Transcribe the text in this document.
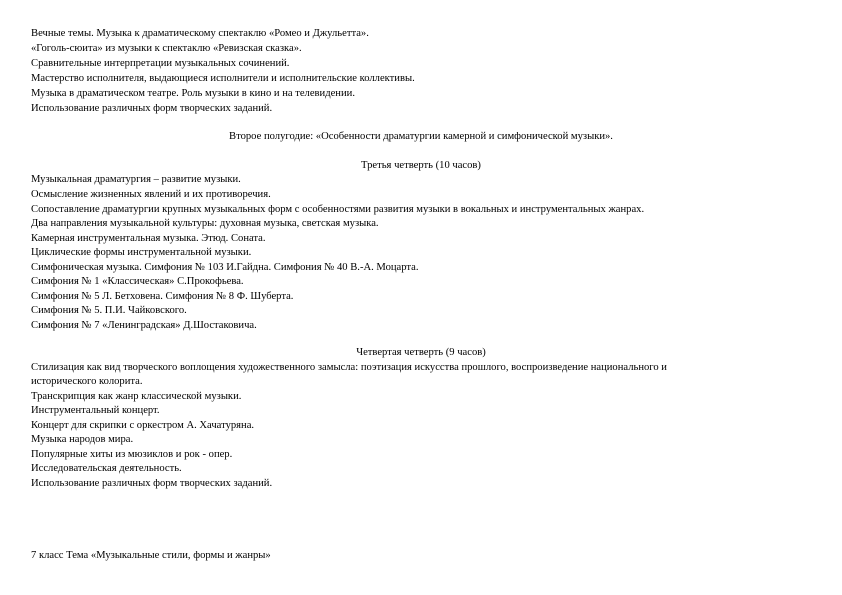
Вечные темы. Музыка к драматическому спектаклю «Ромео и Джульетта».
«Гоголь-сюита» из музыки к спектаклю «Ревизская сказка».
Сравнительные интерпретации музыкальных сочинений.
Мастерство исполнителя, выдающиеся исполнители и исполнительские коллективы.
Музыка в драматическом театре. Роль музыки в кино и на телевидении.
Использование различных форм творческих заданий.
Второе полугодие: «Особенности драматургии камерной и симфонической музыки».
Третья четверть (10 часов)
Музыкальная драматургия – развитие музыки.
Осмысление жизненных явлений и их противоречия.
Сопоставление драматургии крупных музыкальных форм с особенностями развития музыки в вокальных и инструментальных жанрах.
Два направления музыкальной культуры: духовная музыка, светская музыка.
Камерная инструментальная музыка. Этюд. Соната.
Циклические формы инструментальной музыки.
Симфоническая музыка. Симфония № 103 И.Гайдна. Симфония № 40 В.-А. Моцарта.
Симфония № 1 «Классическая» С.Прокофьева.
Симфония № 5 Л. Бетховена. Симфония № 8 Ф. Шуберта.
Симфония № 5. П.И. Чайковского.
Симфония № 7 «Ленинградская» Д.Шостаковича.
Четвертая четверть (9 часов)
Стилизация как вид творческого воплощения художественного замысла: поэтизация искусства прошлого, воспроизведение национального и
исторического колорита.
Транскрипция как жанр классической музыки.
Инструментальный концерт.
Концерт для скрипки с оркестром А. Хачатуряна.
Музыка народов мира.
Популярные хиты из мюзиклов и рок - опер.
Исследовательская деятельность.
Использование различных форм творческих заданий.
7 класс Тема «Музыкальные стили, формы и жанры»
